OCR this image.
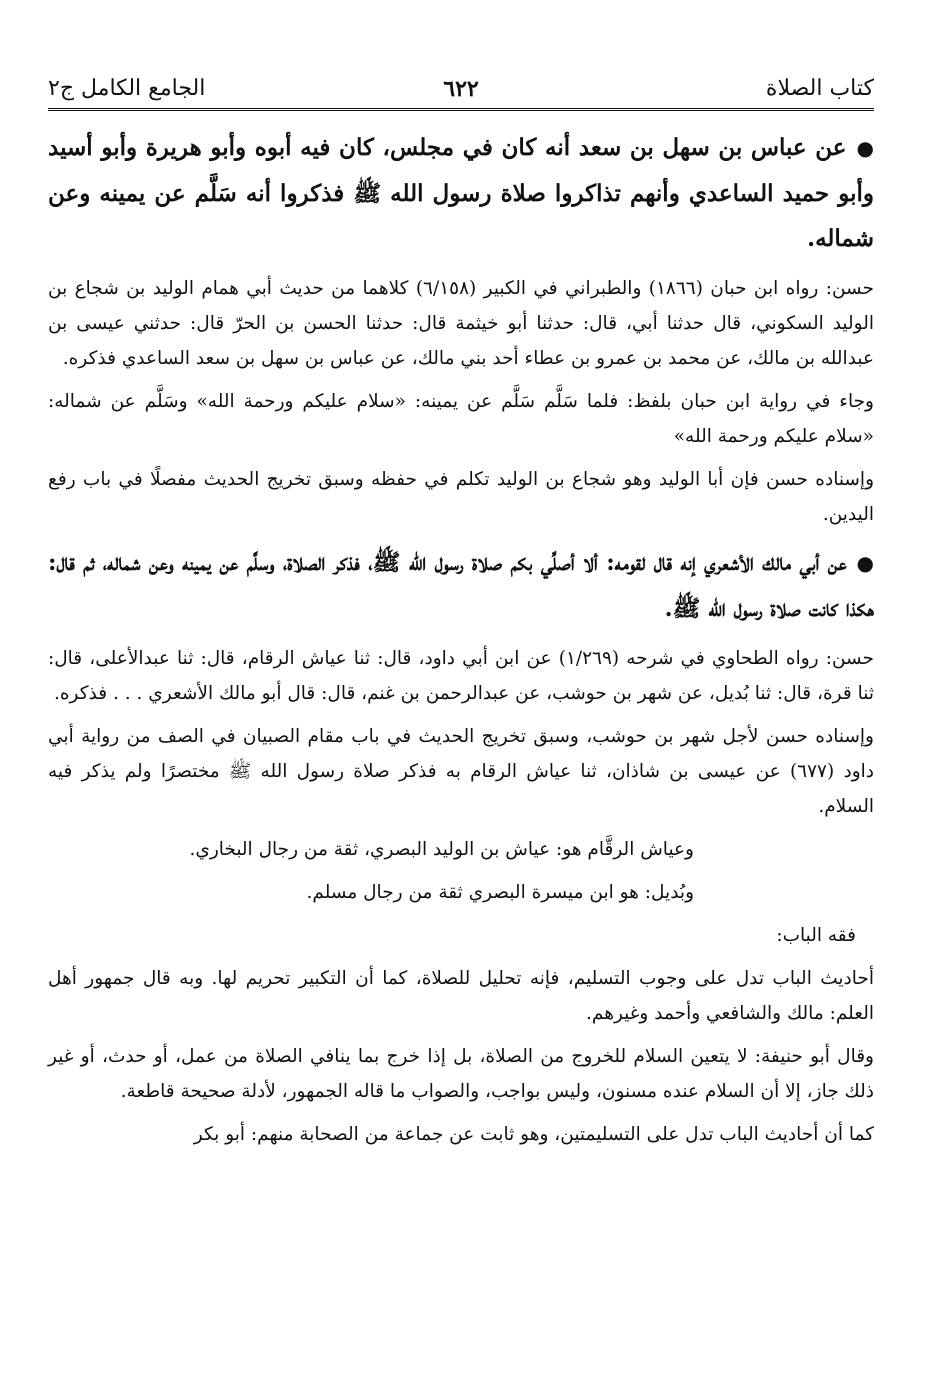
كتاب الصلاة
٦٢٢
الجامع الكامل ج٢

●عن عباس بن سهل بن سعد أنه كان في مجلس، كان فيه أبوه وأبو هريرة وأبو أسيد وأبو حميد الساعدي وأنهم تذاكروا صلاة رسول الله ﷺ فذكروا أنه سَلَّم عن يمينه وعن شماله.

حسن: رواه ابن حبان (١٨٦٦) والطبراني في الكبير (٦/١٥٨) كلاهما من حديث أبي همام الوليد بن شجاع بن الوليد السكوني، قال حدثنا أبي، قال: حدثنا أبو خيثمة قال: حدثنا الحسن بن الحرّ قال: حدثني عيسى بن عبدالله بن مالك، عن محمد بن عمرو بن عطاء أحد بني مالك، عن عباس بن سهل بن سعد الساعدي فذكره.

وجاء في رواية ابن حبان بلفظ: فلما سَلَّم سَلَّم عن يمينه: «سلام عليكم ورحمة الله» وسَلَّم عن شماله: «سلام عليكم ورحمة الله»

وإسناده حسن فإن أبا الوليد وهو شجاع بن الوليد تكلم في حفظه وسبق تخريج الحديث مفصلًا في باب رفع اليدين.

●عن أبي مالك الأشعري إنه قال لقومه: ألا أصلِّي بكم صلاة رسول الله ﷺ، فذكر الصلاة، وسلَّم عن يمينه وعن شماله، ثم قال: هكذا كانت صلاة رسول الله ﷺ.

حسن: رواه الطحاوي في شرحه (١/٢٦٩) عن ابن أبي داود، قال: ثنا عياش الرقام، قال: ثنا عبدالأعلى، قال: ثنا قرة، قال: ثنا بُديل، عن شهر بن حوشب، عن عبدالرحمن بن غنم، قال: قال أبو مالك الأشعري . . . فذكره.

وإسناده حسن لأجل شهر بن حوشب، وسبق تخريج الحديث في باب مقام الصبيان في الصف من رواية أبي داود (٦٧٧) عن عيسى بن شاذان، ثنا عياش الرقام به فذكر صلاة رسول الله ﷺ مختصرًا ولم يذكر فيه السلام.

وعياش الرقَّام هو: عياش بن الوليد البصري، ثقة من رجال البخاري.

وبُديل: هو ابن ميسرة البصري ثقة من رجال مسلم.

فقه الباب:

أحاديث الباب تدل على وجوب التسليم، فإنه تحليل للصلاة، كما أن التكبير تحريم لها. وبه قال جمهور أهل العلم: مالك والشافعي وأحمد وغيرهم.

وقال أبو حنيفة: لا يتعين السلام للخروج من الصلاة، بل إذا خرج بما ينافي الصلاة من عمل، أو حدث، أو غير ذلك جاز، إلا أن السلام عنده مسنون، وليس بواجب، والصواب ما قاله الجمهور، لأدلة صحيحة قاطعة.

كما أن أحاديث الباب تدل على التسليمتين، وهو ثابت عن جماعة من الصحابة منهم: أبو بكر
